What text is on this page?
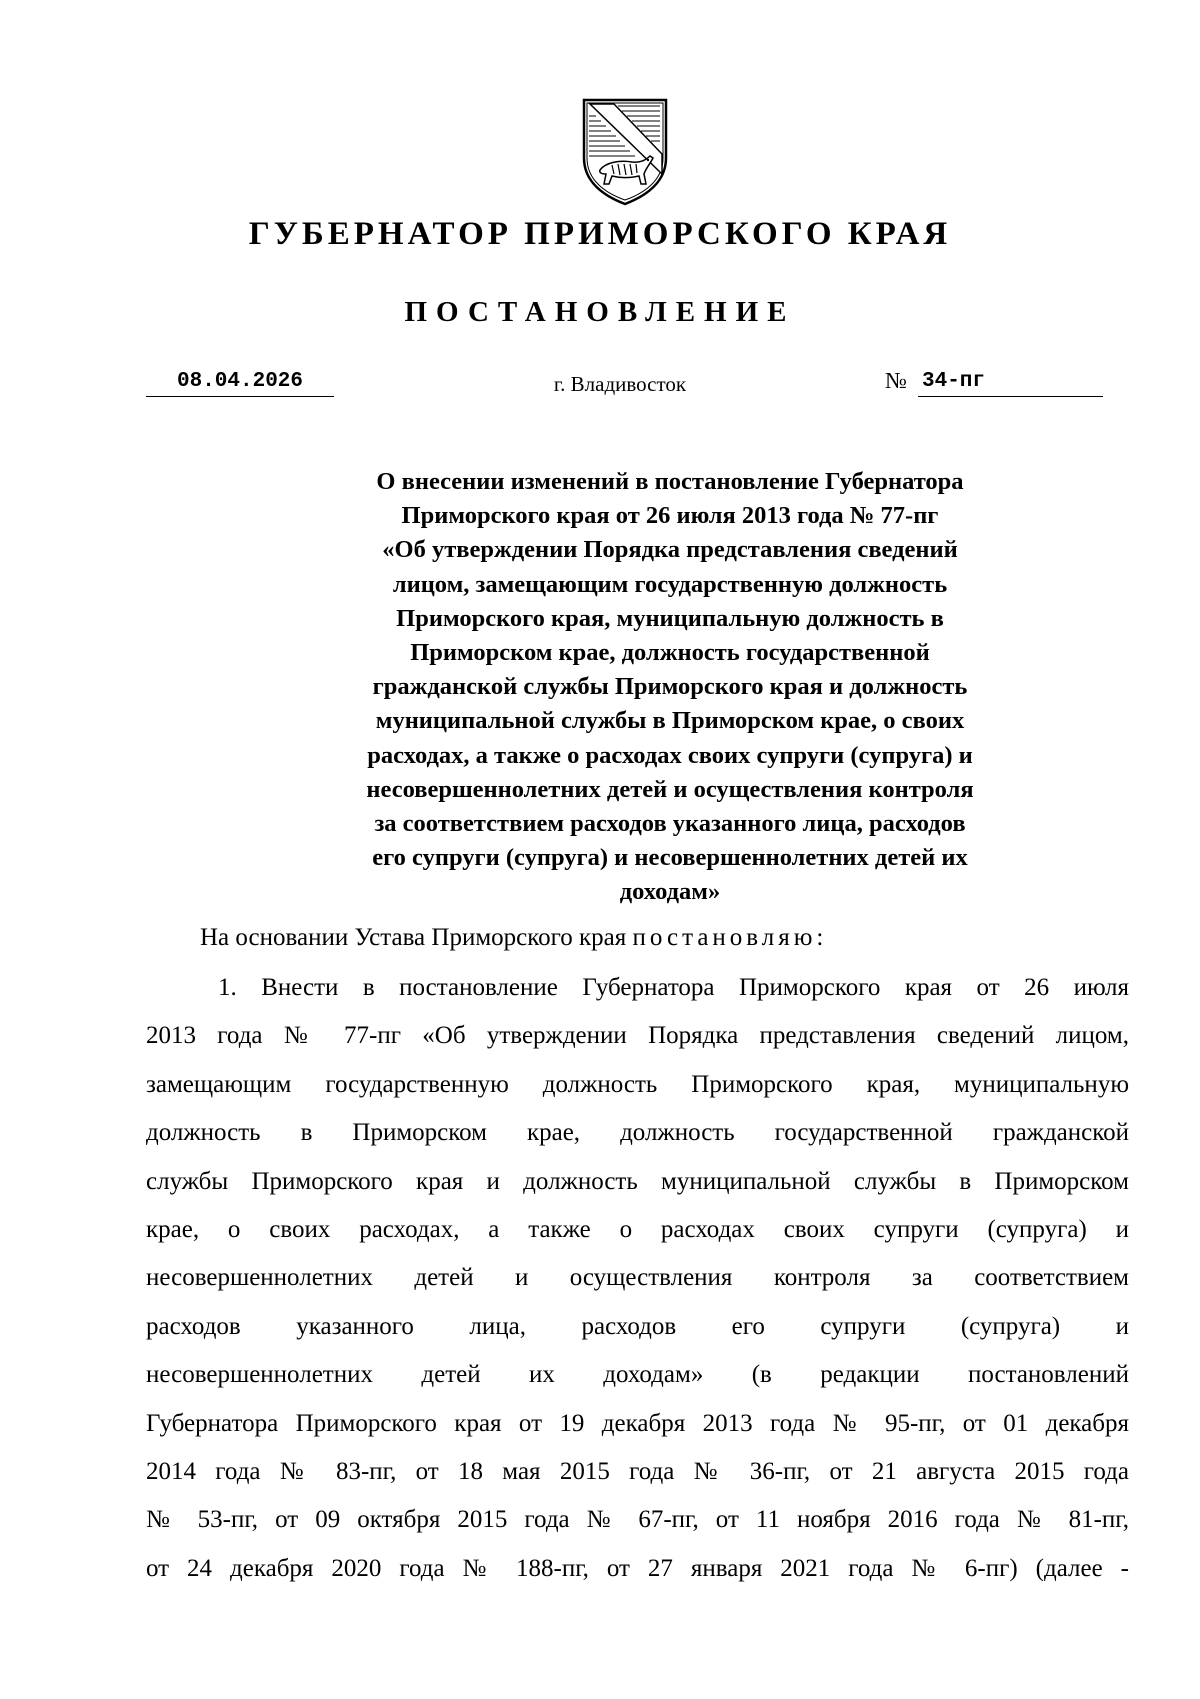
ГУБЕРНАТОР ПРИМОРСКОГО КРАЯ
ПОСТАНОВЛЕНИЕ
08.04.2026	г. Владивосток	№ 34-пг
О внесении изменений в постановление Губернатора
Приморского края от 26 июля 2013 года № 77-пг
«Об утверждении Порядка представления сведений
лицом, замещающим государственную должность
Приморского края, муниципальную должность в
Приморском крае, должность государственной
гражданской службы Приморского края и должность
муниципальной службы в Приморском крае, о своих
расходах, а также о расходах своих супруги (супруга) и
несовершеннолетних детей и осуществления контроля
за соответствием расходов указанного лица, расходов
его супруги (супруга) и несовершеннолетних детей их
доходам»
На основании Устава Приморского края постановляю:
1. Внести в постановление Губернатора Приморского края от 26 июля
2013 года № 77-пг «Об утверждении Порядка представления сведений лицом,
замещающим государственную должность Приморского края, муниципальную
должность в Приморском крае, должность государственной гражданской
службы Приморского края и должность муниципальной службы в Приморском
крае, о своих расходах, а также о расходах своих супруги (супруга) и
несовершеннолетних детей и осуществления контроля за соответствием
расходов указанного лица, расходов его супруги (супруга) и
несовершеннолетних детей их доходам» (в редакции постановлений
Губернатора Приморского края от 19 декабря 2013 года № 95-пг, от 01 декабря
2014 года № 83-пг, от 18 мая 2015 года № 36-пг, от 21 августа 2015 года
№ 53-пг, от 09 октября 2015 года № 67-пг, от 11 ноября 2016 года № 81-пг,
от 24 декабря 2020 года № 188-пг, от 27 января 2021 года № 6-пг) (далее -
